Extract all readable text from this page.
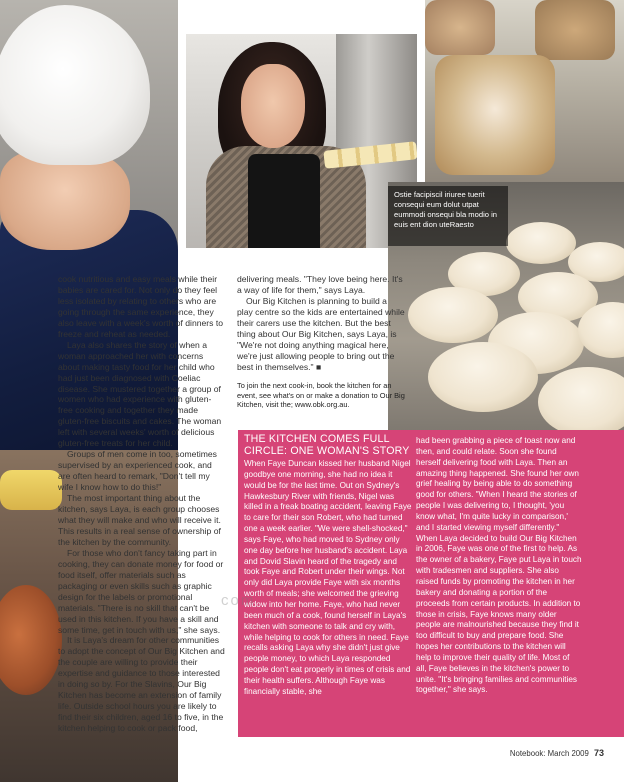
Ostie facipiscil iriuree tuerit consequi eum dolut utpat eummodi onsequi bla modio in euis ent dion uteRaesto

cook nutritious and easy meals while their babies are cared for. Not only do they feel less isolated by relating to others who are going through the same experience, they also leave with a week's worth of dinners to freeze and reheat as needed.

Laya also shares the story of when a woman approached her with concerns about making tasty food for her child who had just been diagnosed with Coeliac disease. She mustered together a group of women who had experience with gluten-free cooking and together they made gluten-free biscuits and cakes. The woman left with several weeks' worth of delicious gluten-free treats for her child.

Groups of men come in too, sometimes supervised by an experienced cook, and are often heard to remark, "Don't tell my wife I know how to do this!"

The most important thing about the kitchen, says Laya, is each group chooses what they will make and who will receive it. This results in a real sense of ownership of the kitchen by the community.

For those who don't fancy taking part in cooking, they can donate money for food or food itself, offer materials such as packaging or even skills such as graphic design for the labels or promotional materials. "There is no skill that can't be used in this kitchen. If you have a skill and some time, get in touch with us," she says.

It is Laya's dream for other communities to adopt the concept of Our Big Kitchen and the couple are willing to provide their expertise and guidance to those interested in doing so by. For the Slavins, Our Big Kitchen has become an extension of family life. Outside school hours you are likely to find their six children, aged 16 to five, in the kitchen helping to cook or pack food,

delivering meals. "They love being here. It's a way of life for them," says Laya.

Our Big Kitchen is planning to build a play centre so the kids are entertained while their carers use the kitchen. But the best thing about Our Big Kitchen, says Laya, is "We're not doing anything magical here, we're just allowing people to bring out the best in themselves." ■

To join the next cook-in, book the kitchen for an event, see what's on or make a donation to Our Big Kitchen, visit the; www.obk.org.au.
THE KITCHEN COMES FULL CIRCLE: ONE WOMAN'S STORY

When Faye Duncan kissed her husband Nigel goodbye one morning, she had no idea it would be for the last time. Out on Sydney's Hawkesbury River with friends, Nigel was killed in a freak boating accident, leaving Faye to care for their son Robert, who had turned one a week earlier. "We were shell-shocked," says Faye, who had moved to Sydney only one day before her husband's accident. Laya and Dovid Slavin heard of the tragedy and took Faye and Robert under their wings. Not only did Laya provide Faye with six months worth of meals; she welcomed the grieving widow into her home. Faye, who had never been much of a cook, found herself in Laya's kitchen with someone to talk and cry with, while helping to cook for others in need. Faye recalls asking Laya why she didn't just give people money, to which Laya responded people don't eat properly in times of crisis and their health suffers. Although Faye was financially stable, she

had been grabbing a piece of toast now and then, and could relate. Soon she found herself delivering food with Laya. Then an amazing thing happened. She found her own grief healing by being able to do something good for others. "When I heard the stories of people I was delivering to, I thought, 'you know what, I'm quite lucky in comparison,' and I started viewing myself differently." When Laya decided to build Our Big Kitchen in 2006, Faye was one of the first to help. As the owner of a bakery, Faye put Laya in touch with tradesmen and suppliers. She also raised funds by promoting the kitchen in her bakery and donating a portion of the proceeds from certain products. In addition to those in crisis, Faye knows many older people are malnourished because they find it too difficult to buy and prepare food. She hopes her contributions to the kitchen will help to improve their quality of life. Most of all, Faye believes in the kitchen's power to unite. "It's bringing families and communities together," she says.

com
Notebook: March 2009 73
